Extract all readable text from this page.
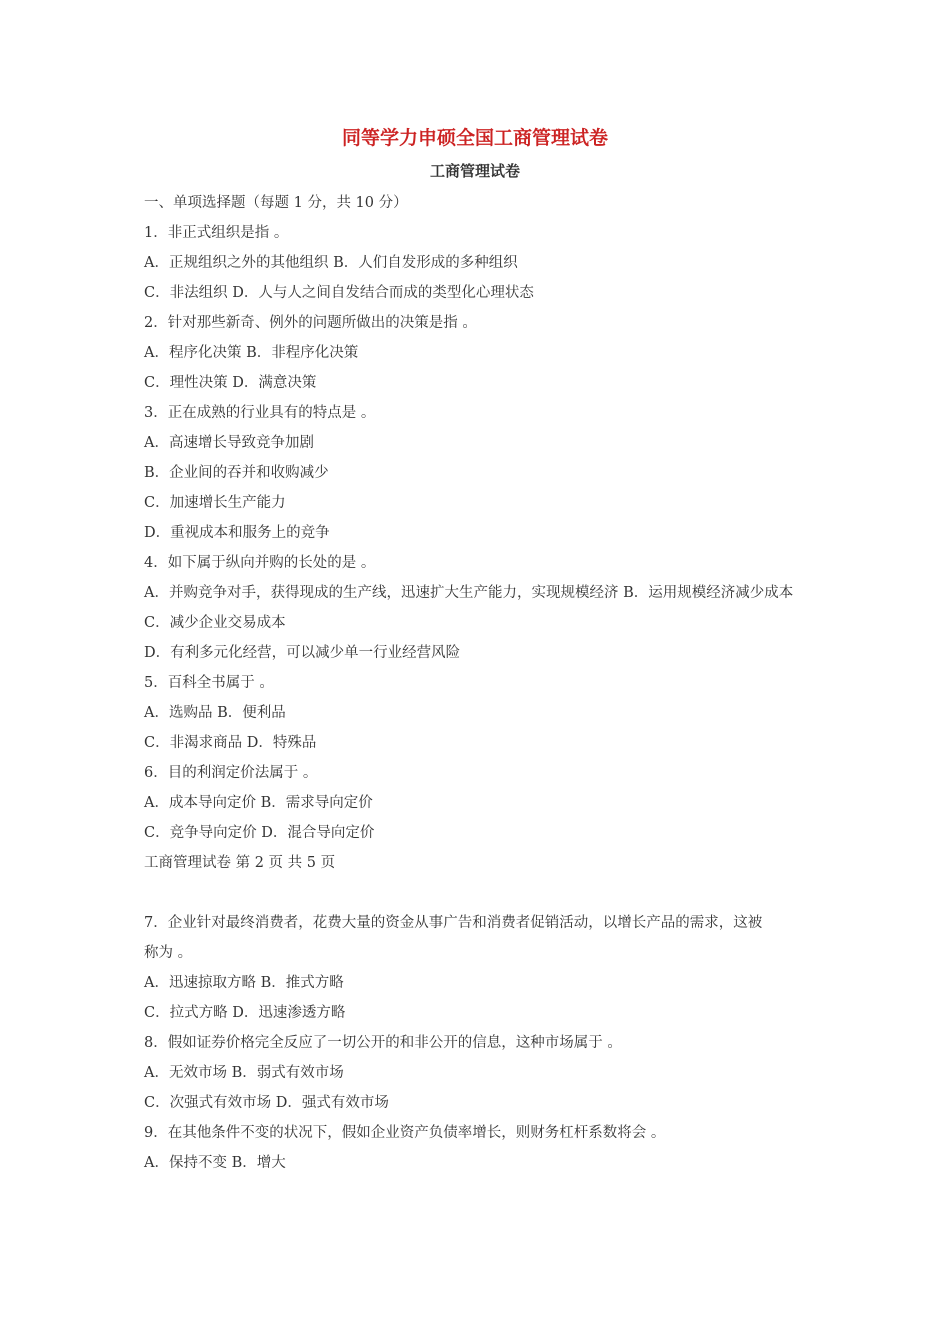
同等学力申硕全国工商管理试卷
工商管理试卷
一、单项选择题（每题 1 分，共 10 分）
1．非正式组织是指 。
A．正规组织之外的其他组织 B．人们自发形成的多种组织
C．非法组织 D．人与人之间自发结合而成的类型化心理状态
2．针对那些新奇、例外的问题所做出的决策是指 。
A．程序化决策 B．非程序化决策
C．理性决策 D．满意决策
3．正在成熟的行业具有的特点是 。
A．高速增长导致竞争加剧
B．企业间的吞并和收购减少
C．加速增长生产能力
D．重视成本和服务上的竞争
4．如下属于纵向并购的长处的是 。
A．并购竞争对手，获得现成的生产线，迅速扩大生产能力，实现规模经济 B．运用规模经济减少成本
C．减少企业交易成本
D．有利多元化经营，可以减少单一行业经营风险
5．百科全书属于 。
A．选购品 B．便利品
C．非渴求商品 D．特殊品
6．目的利润定价法属于 。
A．成本导向定价 B．需求导向定价
C．竞争导向定价 D．混合导向定价
工商管理试卷 第 2 页 共 5 页
7．企业针对最终消费者，花费大量的资金从事广告和消费者促销活动，以增长产品的需求，这被称为 。
A．迅速掠取方略 B．推式方略
C．拉式方略 D．迅速渗透方略
8．假如证券价格完全反应了一切公开的和非公开的信息，这种市场属于 。
A．无效市场 B．弱式有效市场
C．次强式有效市场 D．强式有效市场
9．在其他条件不变的状况下，假如企业资产负债率增长，则财务杠杆系数将会 。
A．保持不变 B．增大
